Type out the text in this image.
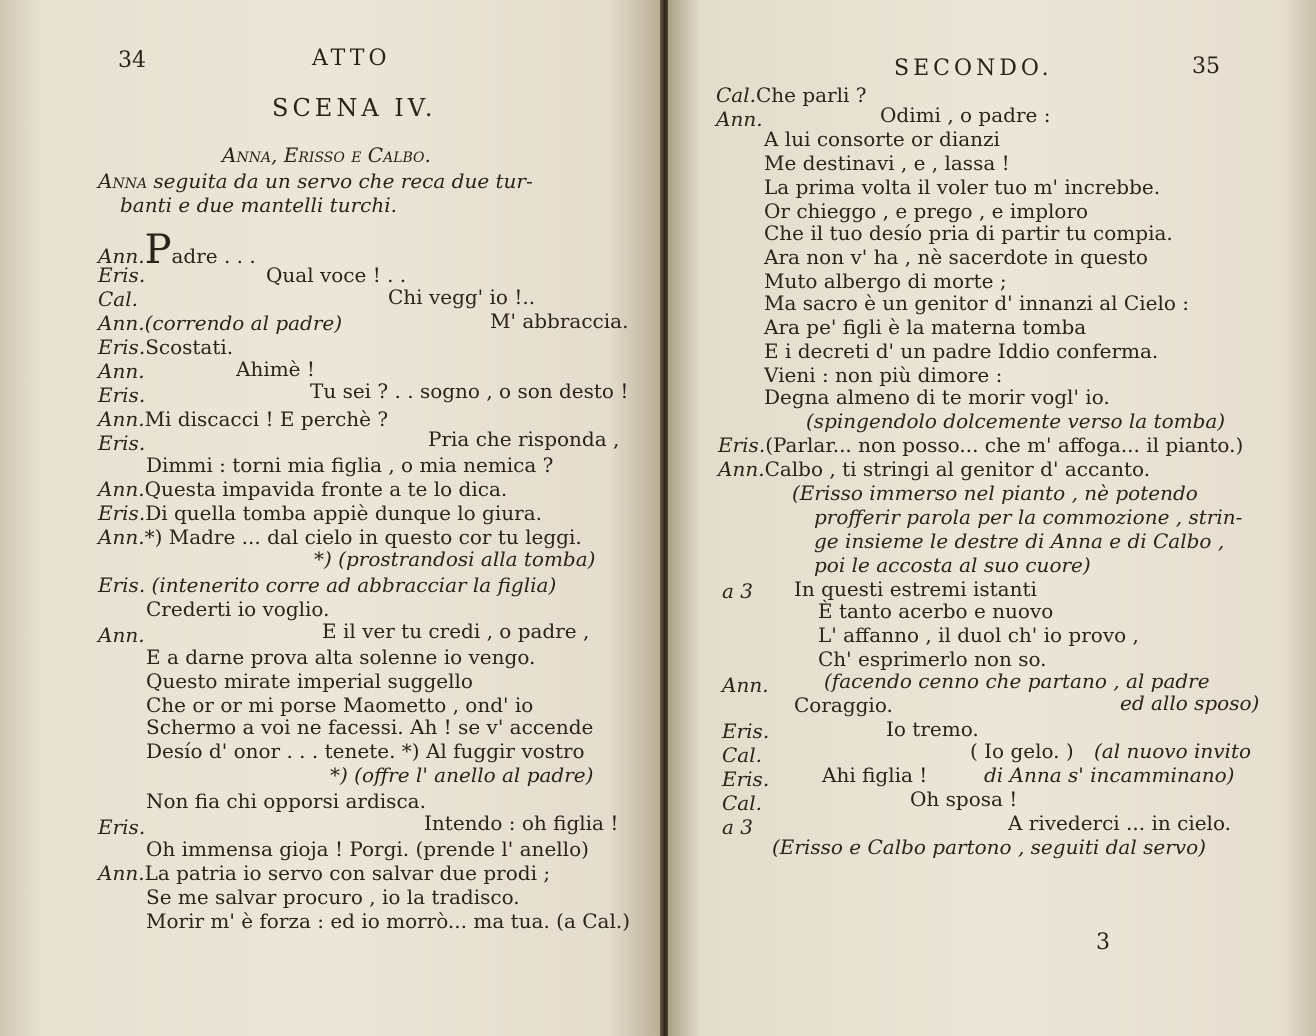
34	ATTO
SCENA IV.
Anna, Erisso e Calbo.
Anna seguita da un servo che reca due tur-
banti e due mantelli turchi.
Ann.Padre . . .
Eris.	Qual voce ! . .
Cal.	Chi vegg' io !..
Ann.(correndo al padre)	M' abbraccia.
Eris.Scostati.
Ann.	Ahimè !
Eris.	Tu sei ? . . sogno , o son desto !
Ann.Mi discacci ! E perchè ?
Eris.	Pria che risponda ,
Dimmi : torni mia figlia , o mia nemica ?
Ann.Questa impavida fronte a te lo dica.
Eris.Di quella tomba appiè dunque lo giura.
Ann.*) Madre ... dal cielo in questo cor tu leggi.
*) (prostrandosi alla tomba)
Eris. (intenerito corre ad abbracciar la figlia)
Crederti io voglio.
Ann.	E il ver tu credi , o padre ,
E a darne prova alta solenne io vengo.
Questo mirate imperial suggello
Che or or mi porse Maometto , ond' io
Schermo a voi ne facessi. Ah ! se v' accende
Desío d' onor . . . tenete. *) Al fuggir vostro
*) (offre l' anello al padre)
Non fia chi opporsi ardisca.
Eris.	Intendo : oh figlia !
Oh immensa gioja ! Porgi. (prende l' anello)
Ann.La patria io servo con salvar due prodi ;
Se me salvar procuro , io la tradisco.
Morir m' è forza : ed io morrò... ma tua. (a Cal.)
SECONDO.	35
Cal.Che parli ?
Ann.	Odimi , o padre :
A lui consorte or dianzi
Me destinavi , e , lassa !
La prima volta il voler tuo m' increbbe.
Or chieggo , e prego , e imploro
Che il tuo desío pria di partir tu compia.
Ara non v' ha , nè sacerdote in questo
Muto albergo di morte ;
Ma sacro è un genitor d' innanzi al Cielo :
Ara pe' figli è la materna tomba
E i decreti d' un padre Iddio conferma.
Vieni : non più dimore :
Degna almeno di te morir vogl' io.
(spingendolo dolcemente verso la tomba)
Eris.(Parlar... non posso... che m' affoga... il pianto.)
Ann.Calbo , ti stringi al genitor d' accanto.
(Erisso immerso nel pianto , nè potendo
profferir parola per la commozione , strin-
ge insieme le destre di Anna e di Calbo ,
poi le accosta al suo cuore)
a 3 In questi estremi istanti
È tanto acerbo e nuovo
L' affanno , il duol ch' io provo ,
Ch' esprimerlo non so.
Ann.	(facendo cenno che partano , al padre
Coraggio.	ed allo sposo)
Eris.	Io tremo.
Cal.	( Io gelo. ) (al nuovo invito
Eris.	Ahi figlia !	di Anna s' incamminano)
Cal.	Oh sposa !
a 3	A rivederci ... in cielo.
(Erisso e Calbo partono , seguiti dal servo)
3
